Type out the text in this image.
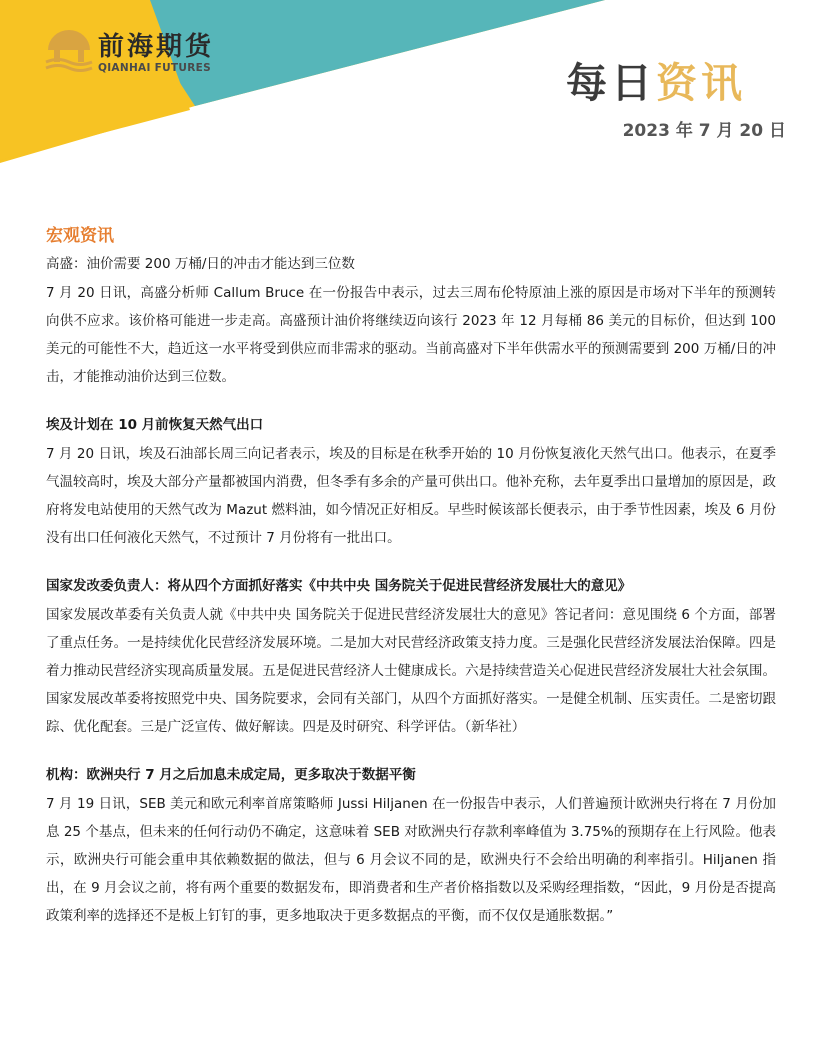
前海期货
QIANHAI FUTURES	每日资讯
2023 年 7 月 20 日
宏观资讯
高盛：油价需要 200 万桶/日的冲击才能达到三位数

7 月 20 日讯，高盛分析师 Callum Bruce 在一份报告中表示，过去三周布伦特原油上涨的原因是市场对下半年的预测转向供不应求。该价格可能进一步走高。高盛预计油价将继续迈向该行 2023 年 12 月每桶 86 美元的目标价，但达到 100 美元的可能性不大，趋近这一水平将受到供应而非需求的驱动。当前高盛对下半年供需水平的预测需要到 200 万桶/日的冲击，才能推动油价达到三位数。

埃及计划在 10 月前恢复天然气出口

7 月 20 日讯，埃及石油部长周三向记者表示，埃及的目标是在秋季开始的 10 月份恢复液化天然气出口。他表示，在夏季气温较高时，埃及大部分产量都被国内消费，但冬季有多余的产量可供出口。他补充称，去年夏季出口量增加的原因是，政府将发电站使用的天然气改为 Mazut 燃料油，如今情况正好相反。早些时候该部长便表示，由于季节性因素，埃及 6 月份没有出口任何液化天然气，不过预计 7 月份将有一批出口。

国家发改委负责人：将从四个方面抓好落实《中共中央 国务院关于促进民营经济发展壮大的意见》

国家发展改革委有关负责人就《中共中央 国务院关于促进民营经济发展壮大的意见》答记者问：意见围绕 6 个方面，部署了重点任务。一是持续优化民营经济发展环境。二是加大对民营经济政策支持力度。三是强化民营经济发展法治保障。四是着力推动民营经济实现高质量发展。五是促进民营经济人士健康成长。六是持续营造关心促进民营经济发展壮大社会氛围。国家发展改革委将按照党中央、国务院要求，会同有关部门，从四个方面抓好落实。一是健全机制、压实责任。二是密切跟踪、优化配套。三是广泛宣传、做好解读。四是及时研究、科学评估。（新华社）

机构：欧洲央行 7 月之后加息未成定局，更多取决于数据平衡

7 月 19 日讯，SEB 美元和欧元利率首席策略师 Jussi Hiljanen 在一份报告中表示，人们普遍预计欧洲央行将在 7 月份加息 25 个基点，但未来的任何行动仍不确定，这意味着 SEB 对欧洲央行存款利率峰值为 3.75%的预期存在上行风险。他表示，欧洲央行可能会重申其依赖数据的做法，但与 6 月会议不同的是，欧洲央行不会给出明确的利率指引。Hiljanen 指出，在 9 月会议之前，将有两个重要的数据发布，即消费者和生产者价格指数以及采购经理指数，“因此，9 月份是否提高政策利率的选择还不是板上钉钉的事，更多地取决于更多数据点的平衡，而不仅仅是通胀数据。”
